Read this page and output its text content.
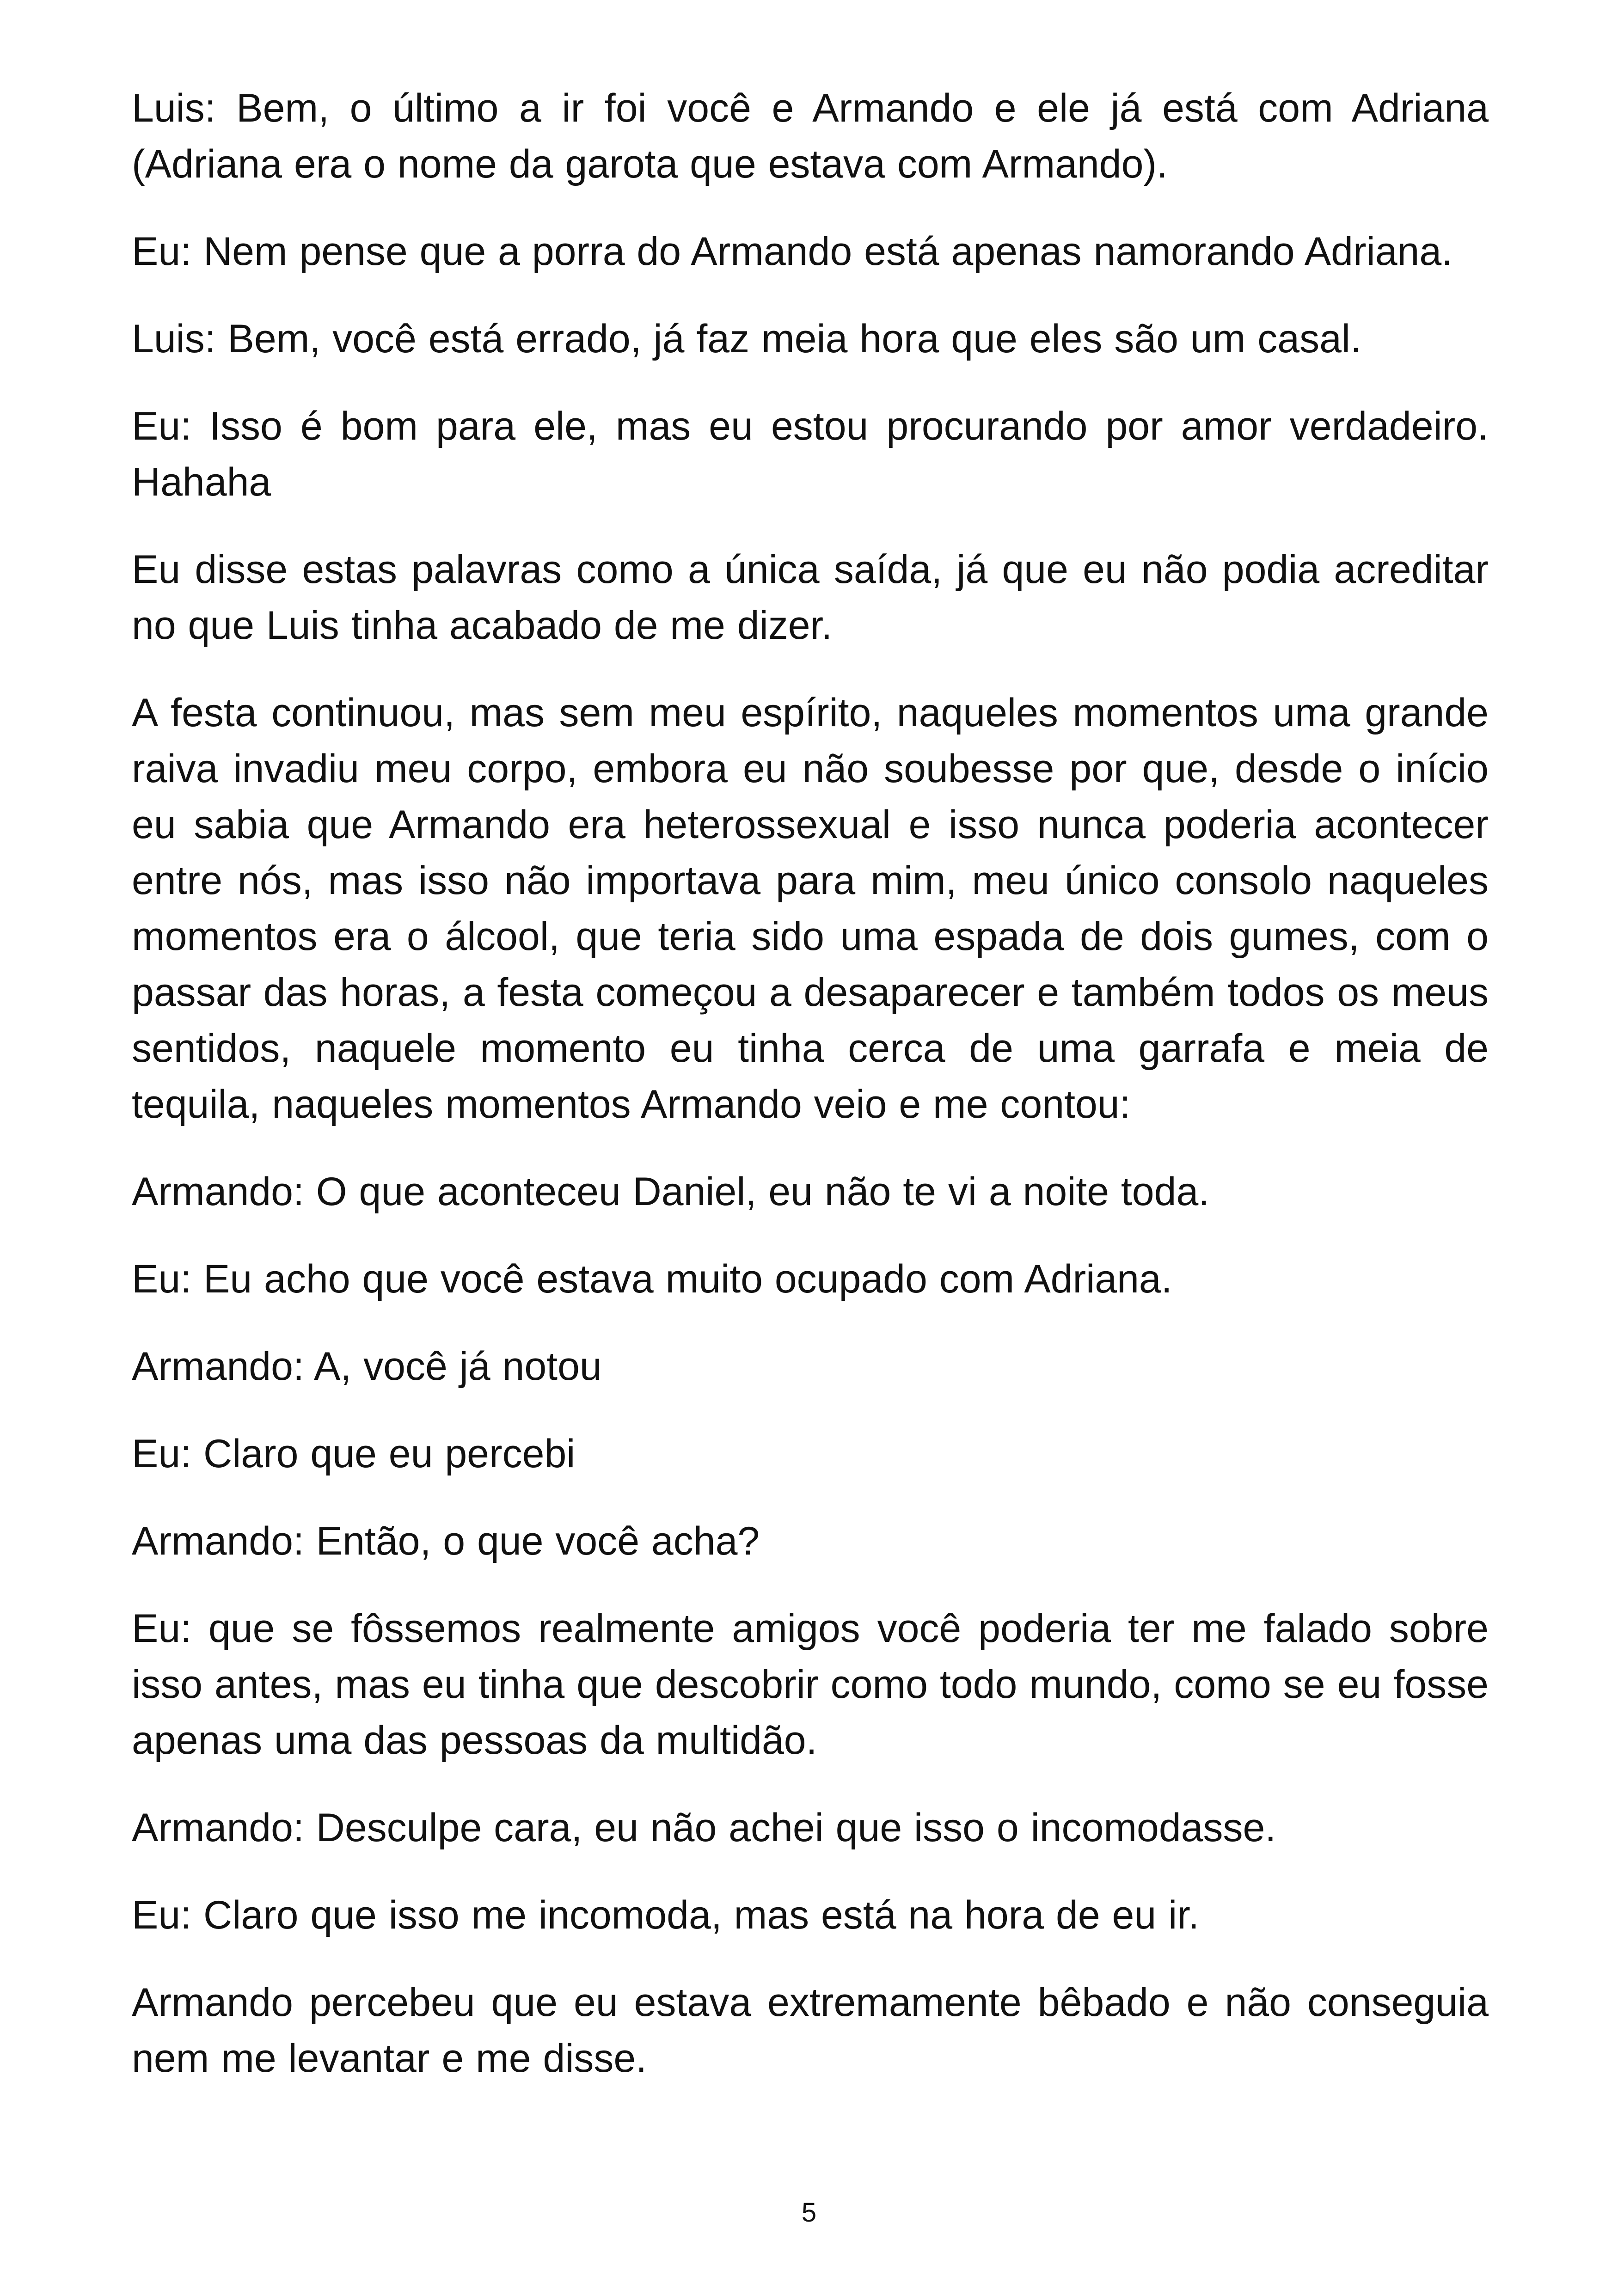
Luis: Bem, o último a ir foi você e Armando e ele já está com Adriana (Adriana era o nome da garota que estava com Armando).

Eu: Nem pense que a porra do Armando está apenas namorando Adriana.

Luis: Bem, você está errado, já faz meia hora que eles são um casal.

Eu: Isso é bom para ele, mas eu estou procurando por amor verdadeiro. Hahaha

Eu disse estas palavras como a única saída, já que eu não podia acreditar no que Luis tinha acabado de me dizer.

A festa continuou, mas sem meu espírito, naqueles momentos uma grande raiva invadiu meu corpo, embora eu não soubesse por que, desde o início eu sabia que Armando era heterossexual e isso nunca poderia acontecer entre nós, mas isso não importava para mim, meu único consolo naqueles momentos era o álcool, que teria sido uma espada de dois gumes, com o passar das horas, a festa começou a desaparecer e também todos os meus sentidos, naquele momento eu tinha cerca de uma garrafa e meia de tequila, naqueles momentos Armando veio e me contou:

Armando: O que aconteceu Daniel, eu não te vi a noite toda.

Eu: Eu acho que você estava muito ocupado com Adriana.

Armando: A, você já notou

Eu: Claro que eu percebi

Armando: Então, o que você acha?

Eu: que se fôssemos realmente amigos você poderia ter me falado sobre isso antes, mas eu tinha que descobrir como todo mundo, como se eu fosse apenas uma das pessoas da multidão.

Armando: Desculpe cara, eu não achei que isso o incomodasse.

Eu: Claro que isso me incomoda, mas está na hora de eu ir.

Armando percebeu que eu estava extremamente bêbado e não conseguia nem me levantar e me disse.

5
